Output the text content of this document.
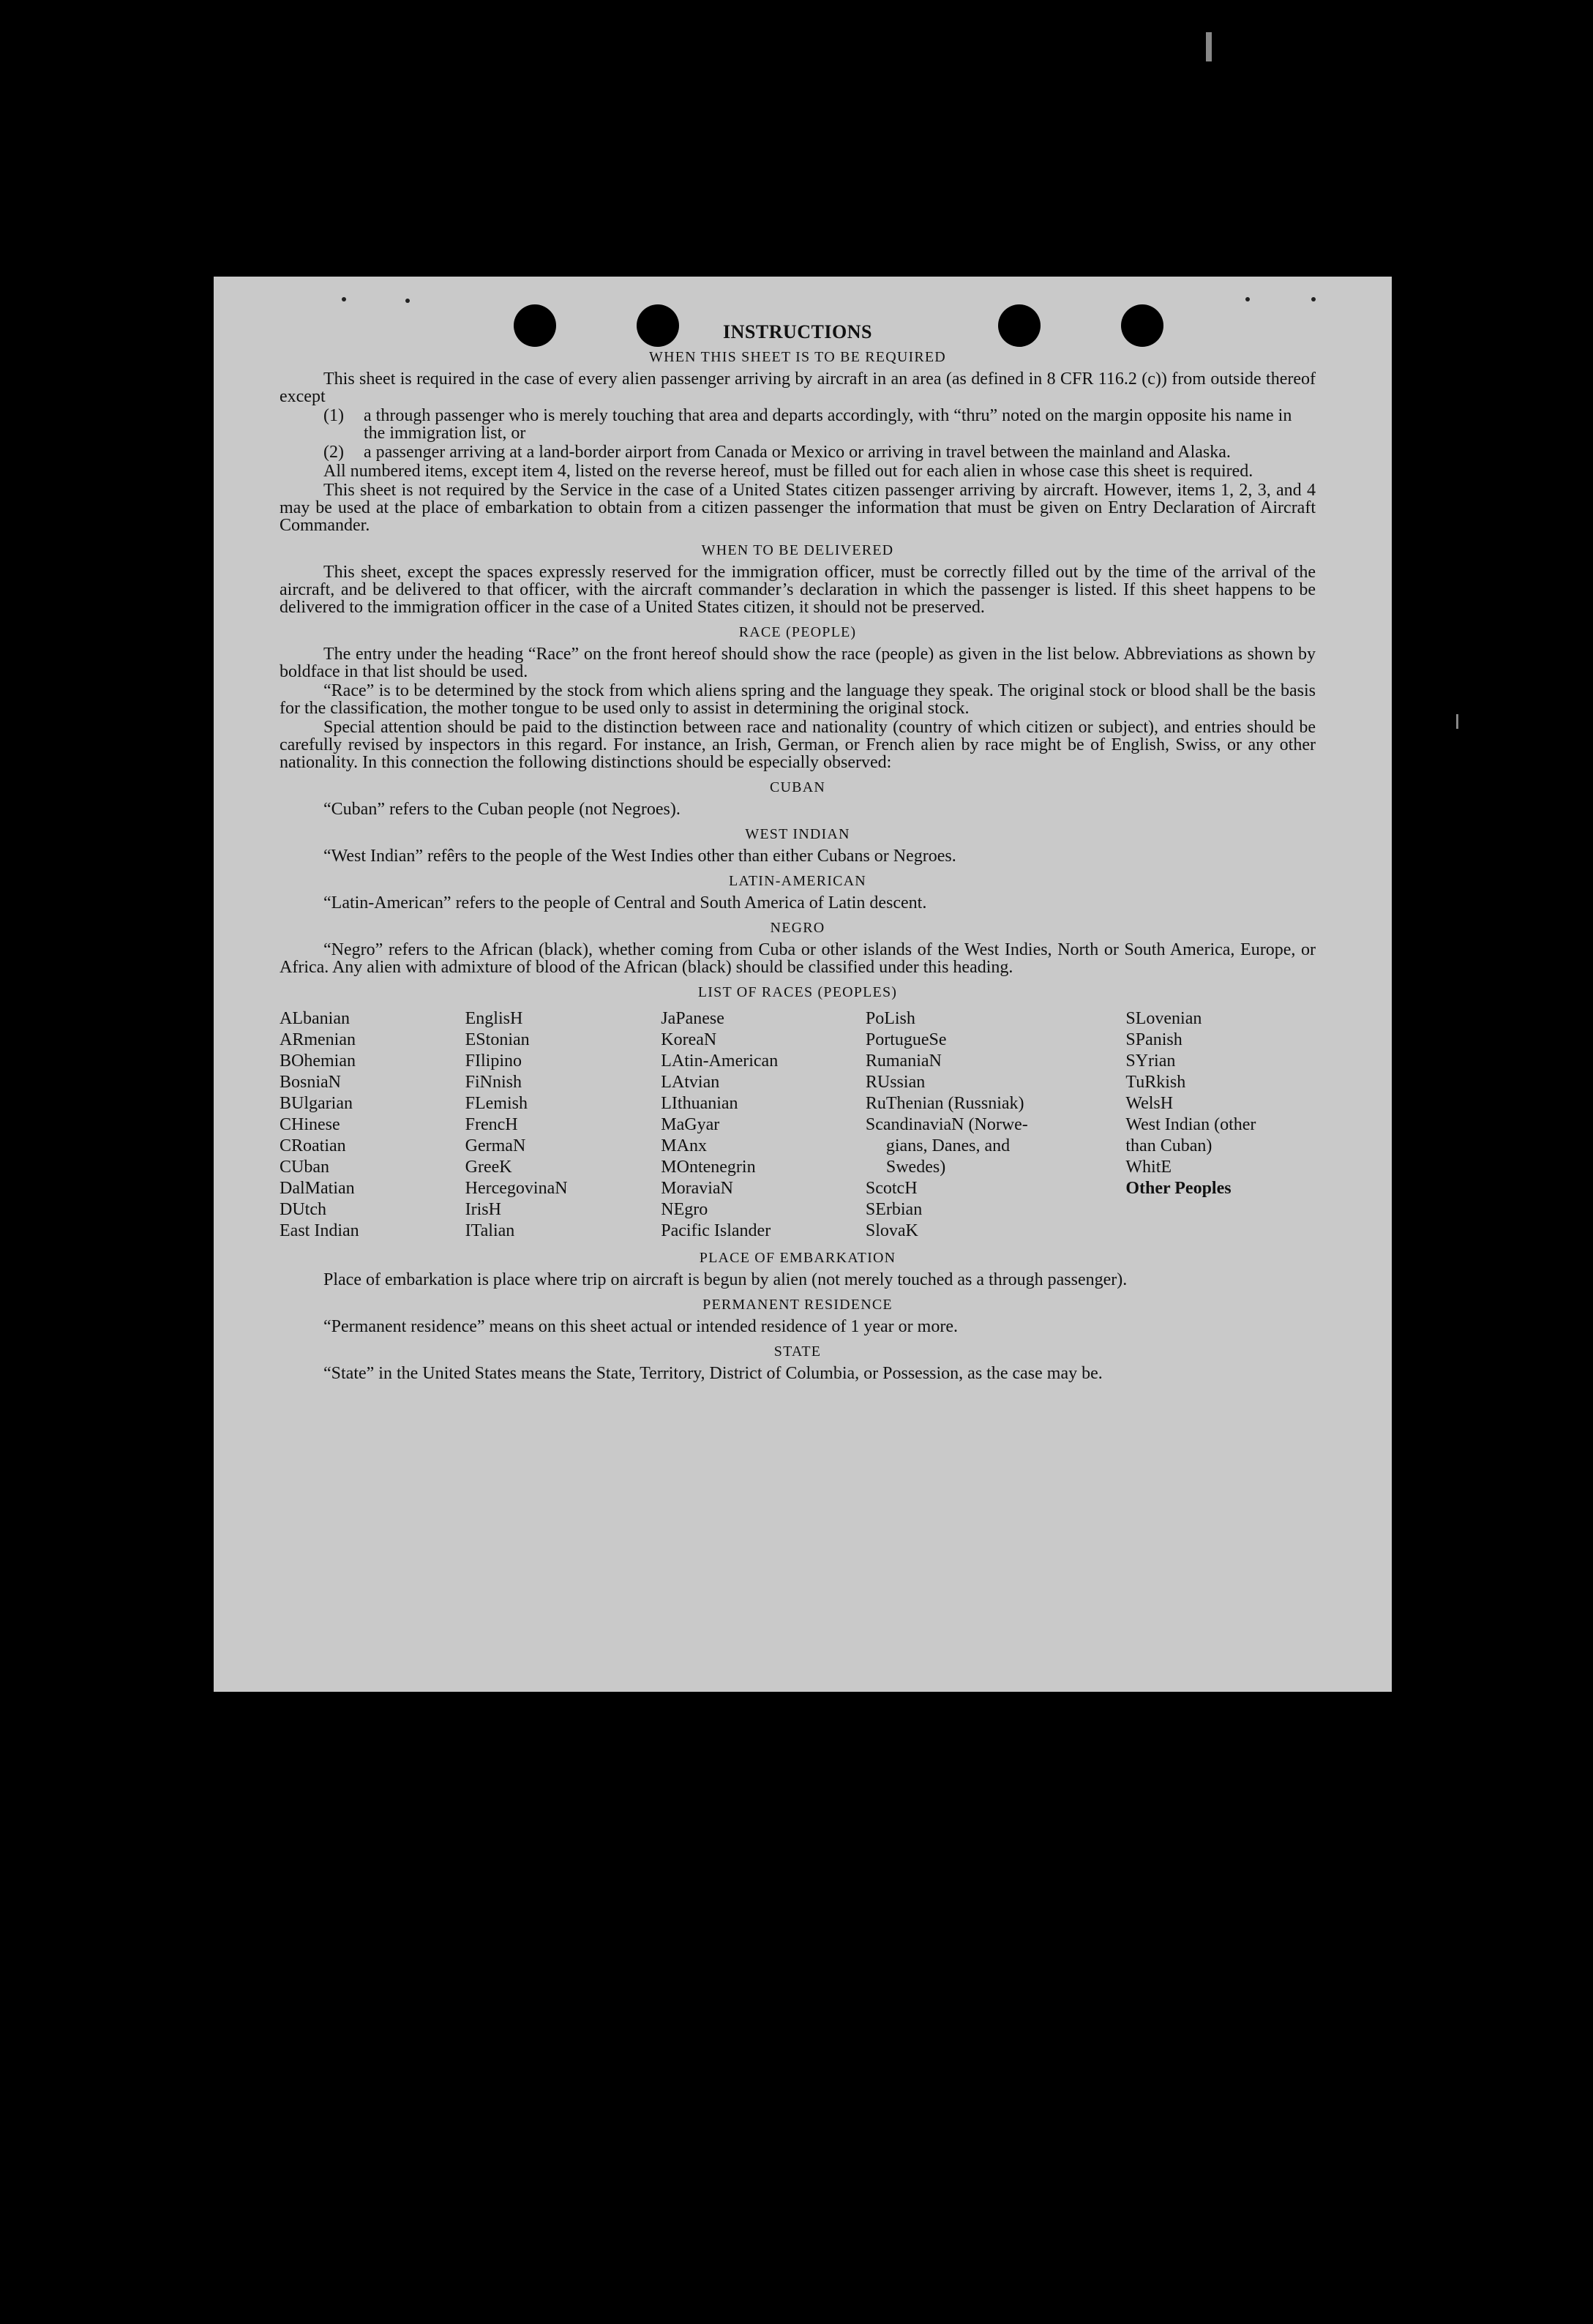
INSTRUCTIONS
WHEN THIS SHEET IS TO BE REQUIRED

This sheet is required in the case of every alien passenger arriving by aircraft in an area (as defined in 8 CFR 116.2 (c)) from outside thereof except

(1) a through passenger who is merely touching that area and departs accordingly, with “thru” noted on the margin opposite his name in the immigration list, or
(2) a passenger arriving at a land-border airport from Canada or Mexico or arriving in travel between the mainland and Alaska.

All numbered items, except item 4, listed on the reverse hereof, must be filled out for each alien in whose case this sheet is required.

This sheet is not required by the Service in the case of a United States citizen passenger arriving by aircraft. However, items 1, 2, 3, and 4 may be used at the place of embarkation to obtain from a citizen passenger the information that must be given on Entry Declaration of Aircraft Commander.

WHEN TO BE DELIVERED

This sheet, except the spaces expressly reserved for the immigration officer, must be correctly filled out by the time of the arrival of the aircraft, and be delivered to that officer, with the aircraft commander’s declaration in which the passenger is listed. If this sheet happens to be delivered to the immigration officer in the case of a United States citizen, it should not be preserved.

RACE (PEOPLE)

The entry under the heading “Race” on the front hereof should show the race (people) as given in the list below. Abbreviations as shown by boldface in that list should be used.

“Race” is to be determined by the stock from which aliens spring and the language they speak. The original stock or blood shall be the basis for the classification, the mother tongue to be used only to assist in determining the original stock.

Special attention should be paid to the distinction between race and nationality (country of which citizen or subject), and entries should be carefully revised by inspectors in this regard. For instance, an Irish, German, or French alien by race might be of English, Swiss, or any other nationality. In this connection the following distinctions should be especially observed:

CUBAN
“Cuban” refers to the Cuban people (not Negroes).
WEST INDIAN
“West Indian” refêrs to the people of the West Indies other than either Cubans or Negroes.
LATIN-AMERICAN
“Latin-American” refers to the people of Central and South America of Latin descent.
NEGRO

“Negro” refers to the African (black), whether coming from Cuba or other islands of the West Indies, North or South America, Europe, or Africa. Any alien with admixture of blood of the African (black) should be classified under this heading.

LIST OF RACES (PEOPLES)
ALbanian
ARmenian
BOhemian
BosniaN
BUlgarian
CHinese
CRoatian
CUban
DalMatian
DUtch
East Indian
EnglisH
EStonian
FIlipino
FiNnish
FLemish
FrencH
GermaN
GreeK
HercegovinaN
IrisH
ITalian
JaPanese
KoreaN
LAtin-American
LAtvian
LIthuanian
MaGyar
MAnx
MOntenegrin
MoraviaN
NEgro
Pacific Islander
PoLish
PortugueSe
RumaniaN
RUssian
RuThenian (Russniak)
ScandinaviaN (Norwe-
gians, Danes, and
Swedes)
ScotcH
SErbian
SlovaK
SLovenian
SPanish
SYrian
TuRkish
WelsH
West Indian (other
than Cuban)
WhitE
Other Peoples
PLACE OF EMBARKATION

Place of embarkation is place where trip on aircraft is begun by alien (not merely touched as a through passenger).

PERMANENT RESIDENCE
“Permanent residence” means on this sheet actual or intended residence of 1 year or more.
STATE

“State” in the United States means the State, Territory, District of Columbia, or Possession, as the case may be.
